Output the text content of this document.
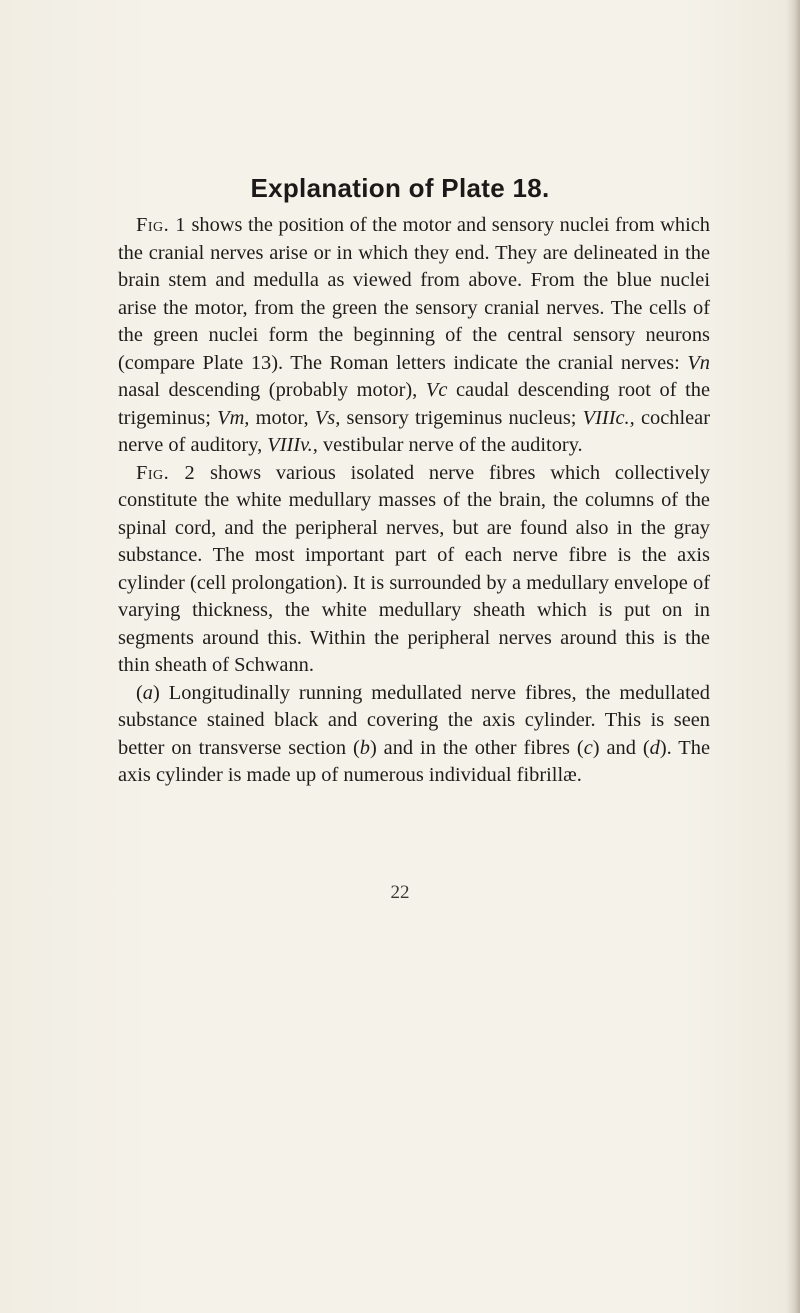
Explanation of Plate 18.

Fig. 1 shows the position of the motor and sensory nuclei from which the cranial nerves arise or in which they end. They are delineated in the brain stem and medulla as viewed from above. From the blue nuclei arise the motor, from the green the sensory cranial nerves. The cells of the green nuclei form the beginning of the central sensory neurons (compare Plate 13). The Roman letters indicate the cranial nerves: Vn nasal descending (probably motor), Vc caudal descending root of the trigeminus; Vm, motor, Vs, sensory trigeminus nucleus; VIIIc., cochlear nerve of auditory, VIIIv., vestibular nerve of the auditory.

Fig. 2 shows various isolated nerve fibres which collectively constitute the white medullary masses of the brain, the columns of the spinal cord, and the peripheral nerves, but are found also in the gray substance. The most important part of each nerve fibre is the axis cylinder (cell prolongation). It is surrounded by a medullary envelope of varying thickness, the white medullary sheath which is put on in segments around this. Within the peripheral nerves around this is the thin sheath of Schwann.

(a) Longitudinally running medullated nerve fibres, the medullated substance stained black and covering the axis cylinder. This is seen better on transverse section (b) and in the other fibres (c) and (d). The axis cylinder is made up of numerous individual fibrillæ.

22
